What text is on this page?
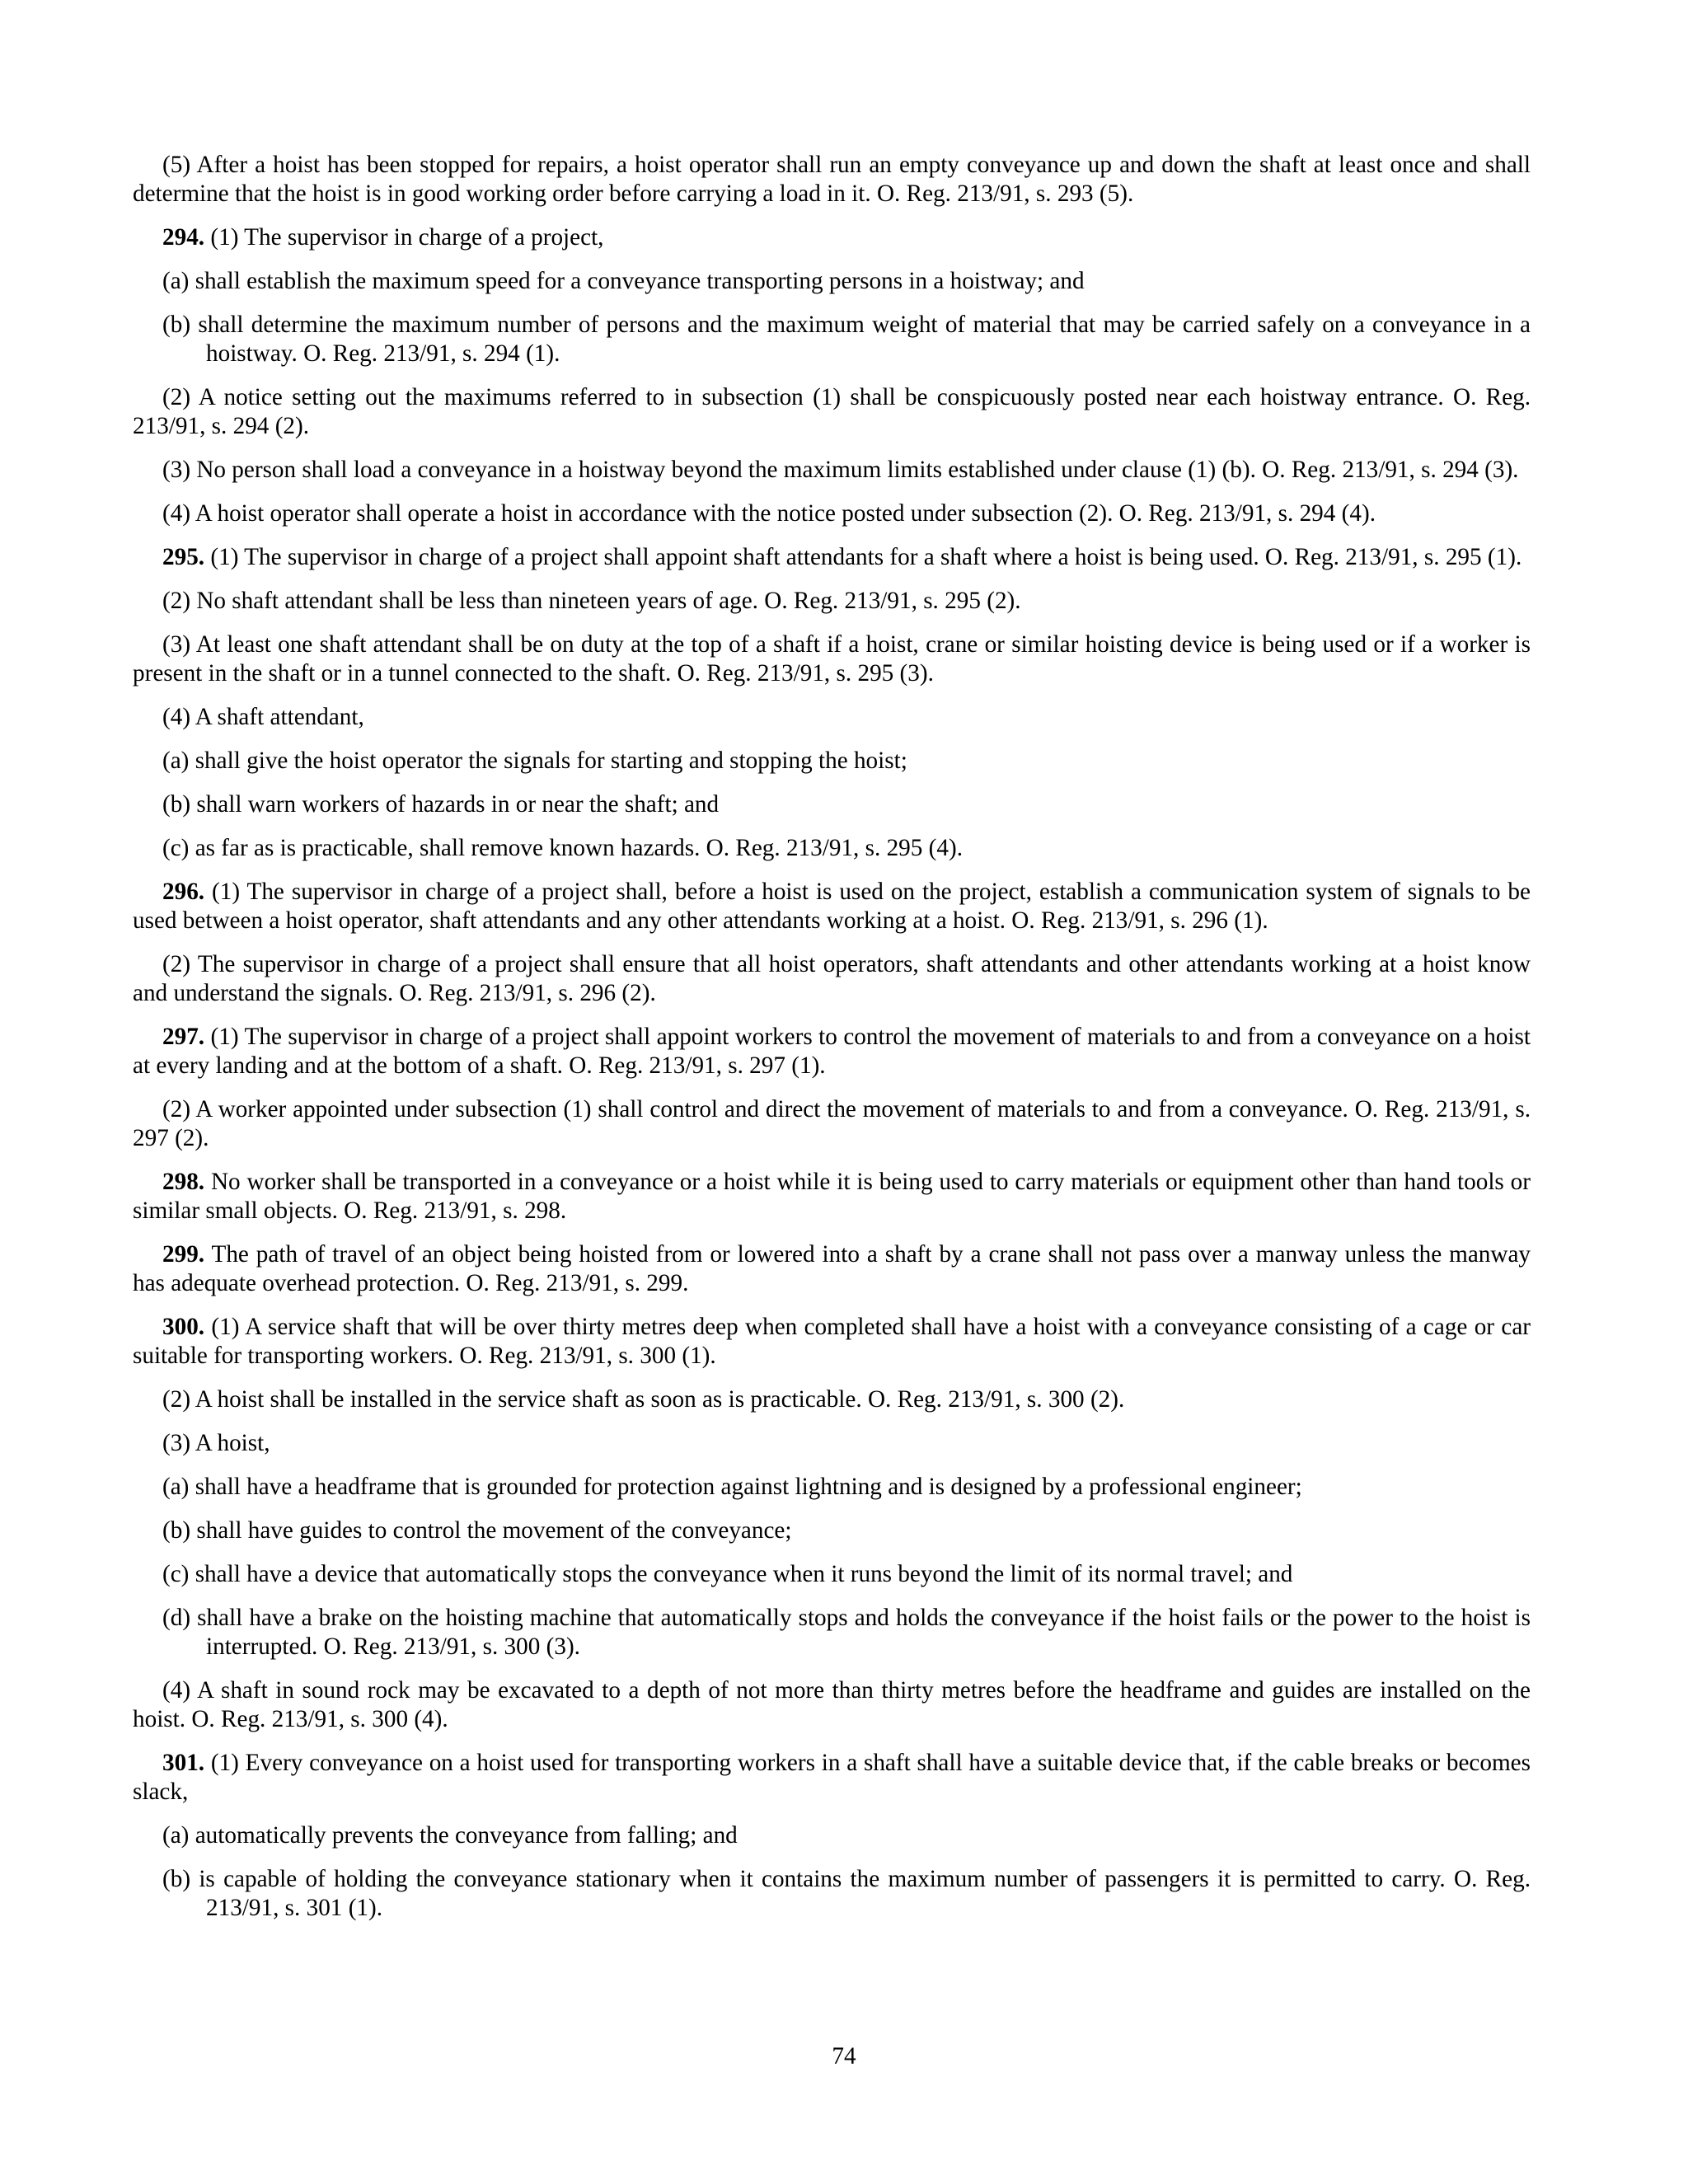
(5) After a hoist has been stopped for repairs, a hoist operator shall run an empty conveyance up and down the shaft at least once and shall determine that the hoist is in good working order before carrying a load in it. O. Reg. 213/91, s. 293 (5).

294. (1) The supervisor in charge of a project,

(a) shall establish the maximum speed for a conveyance transporting persons in a hoistway; and

(b) shall determine the maximum number of persons and the maximum weight of material that may be carried safely on a conveyance in a hoistway. O. Reg. 213/91, s. 294 (1).

(2) A notice setting out the maximums referred to in subsection (1) shall be conspicuously posted near each hoistway entrance. O. Reg. 213/91, s. 294 (2).

(3) No person shall load a conveyance in a hoistway beyond the maximum limits established under clause (1) (b). O. Reg. 213/91, s. 294 (3).

(4) A hoist operator shall operate a hoist in accordance with the notice posted under subsection (2). O. Reg. 213/91, s. 294 (4).

295. (1) The supervisor in charge of a project shall appoint shaft attendants for a shaft where a hoist is being used. O. Reg. 213/91, s. 295 (1).

(2) No shaft attendant shall be less than nineteen years of age. O. Reg. 213/91, s. 295 (2).

(3) At least one shaft attendant shall be on duty at the top of a shaft if a hoist, crane or similar hoisting device is being used or if a worker is present in the shaft or in a tunnel connected to the shaft. O. Reg. 213/91, s. 295 (3).

(4) A shaft attendant,

(a) shall give the hoist operator the signals for starting and stopping the hoist;

(b) shall warn workers of hazards in or near the shaft; and

(c) as far as is practicable, shall remove known hazards. O. Reg. 213/91, s. 295 (4).

296. (1) The supervisor in charge of a project shall, before a hoist is used on the project, establish a communication system of signals to be used between a hoist operator, shaft attendants and any other attendants working at a hoist. O. Reg. 213/91, s. 296 (1).

(2) The supervisor in charge of a project shall ensure that all hoist operators, shaft attendants and other attendants working at a hoist know and understand the signals. O. Reg. 213/91, s. 296 (2).

297. (1) The supervisor in charge of a project shall appoint workers to control the movement of materials to and from a conveyance on a hoist at every landing and at the bottom of a shaft. O. Reg. 213/91, s. 297 (1).

(2) A worker appointed under subsection (1) shall control and direct the movement of materials to and from a conveyance. O. Reg. 213/91, s. 297 (2).

298. No worker shall be transported in a conveyance or a hoist while it is being used to carry materials or equipment other than hand tools or similar small objects. O. Reg. 213/91, s. 298.

299. The path of travel of an object being hoisted from or lowered into a shaft by a crane shall not pass over a manway unless the manway has adequate overhead protection. O. Reg. 213/91, s. 299.

300. (1) A service shaft that will be over thirty metres deep when completed shall have a hoist with a conveyance consisting of a cage or car suitable for transporting workers. O. Reg. 213/91, s. 300 (1).

(2) A hoist shall be installed in the service shaft as soon as is practicable. O. Reg. 213/91, s. 300 (2).

(3) A hoist,

(a) shall have a headframe that is grounded for protection against lightning and is designed by a professional engineer;

(b) shall have guides to control the movement of the conveyance;

(c) shall have a device that automatically stops the conveyance when it runs beyond the limit of its normal travel; and

(d) shall have a brake on the hoisting machine that automatically stops and holds the conveyance if the hoist fails or the power to the hoist is interrupted. O. Reg. 213/91, s. 300 (3).

(4) A shaft in sound rock may be excavated to a depth of not more than thirty metres before the headframe and guides are installed on the hoist. O. Reg. 213/91, s. 300 (4).

301. (1) Every conveyance on a hoist used for transporting workers in a shaft shall have a suitable device that, if the cable breaks or becomes slack,

(a) automatically prevents the conveyance from falling; and

(b) is capable of holding the conveyance stationary when it contains the maximum number of passengers it is permitted to carry. O. Reg. 213/91, s. 301 (1).

74
